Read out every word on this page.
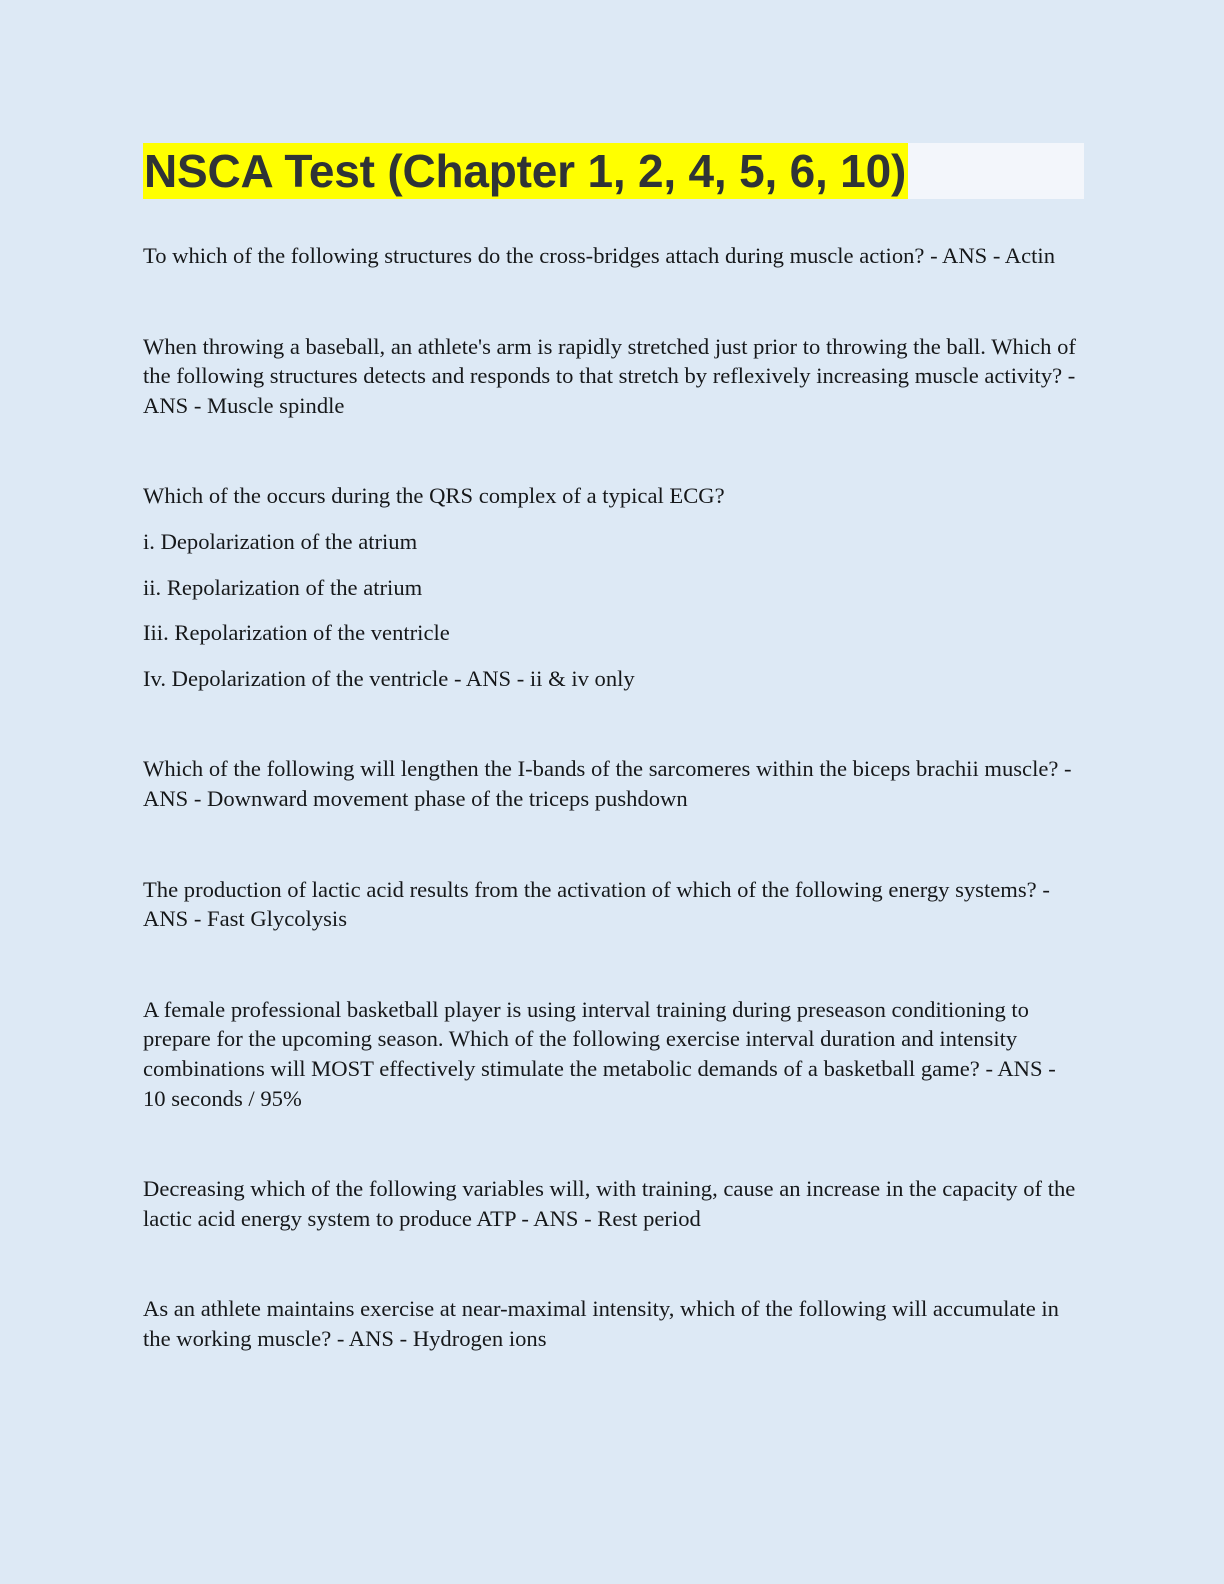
NSCA Test (Chapter 1, 2, 4, 5, 6, 10)

To which of the following structures do the cross-bridges attach during muscle action? - ANS - Actin

When throwing a baseball, an athlete's arm is rapidly stretched just prior to throwing the ball. Which of the following structures detects and responds to that stretch by reflexively increasing muscle activity? - ANS - Muscle spindle

Which of the occurs during the QRS complex of a typical ECG?

i. Depolarization of the atrium

ii. Repolarization of the atrium

Iii. Repolarization of the ventricle

Iv. Depolarization of the ventricle - ANS - ii & iv only

Which of the following will lengthen the I-bands of the sarcomeres within the biceps brachii muscle? - ANS - Downward movement phase of the triceps pushdown

The production of lactic acid results from the activation of which of the following energy systems? - ANS - Fast Glycolysis

A female professional basketball player is using interval training during preseason conditioning to prepare for the upcoming season. Which of the following exercise interval duration and intensity combinations will MOST effectively stimulate the metabolic demands of a basketball game? - ANS - 10 seconds / 95%

Decreasing which of the following variables will, with training, cause an increase in the capacity of the lactic acid energy system to produce ATP - ANS - Rest period

As an athlete maintains exercise at near-maximal intensity, which of the following will accumulate in the working muscle? - ANS - Hydrogen ions
